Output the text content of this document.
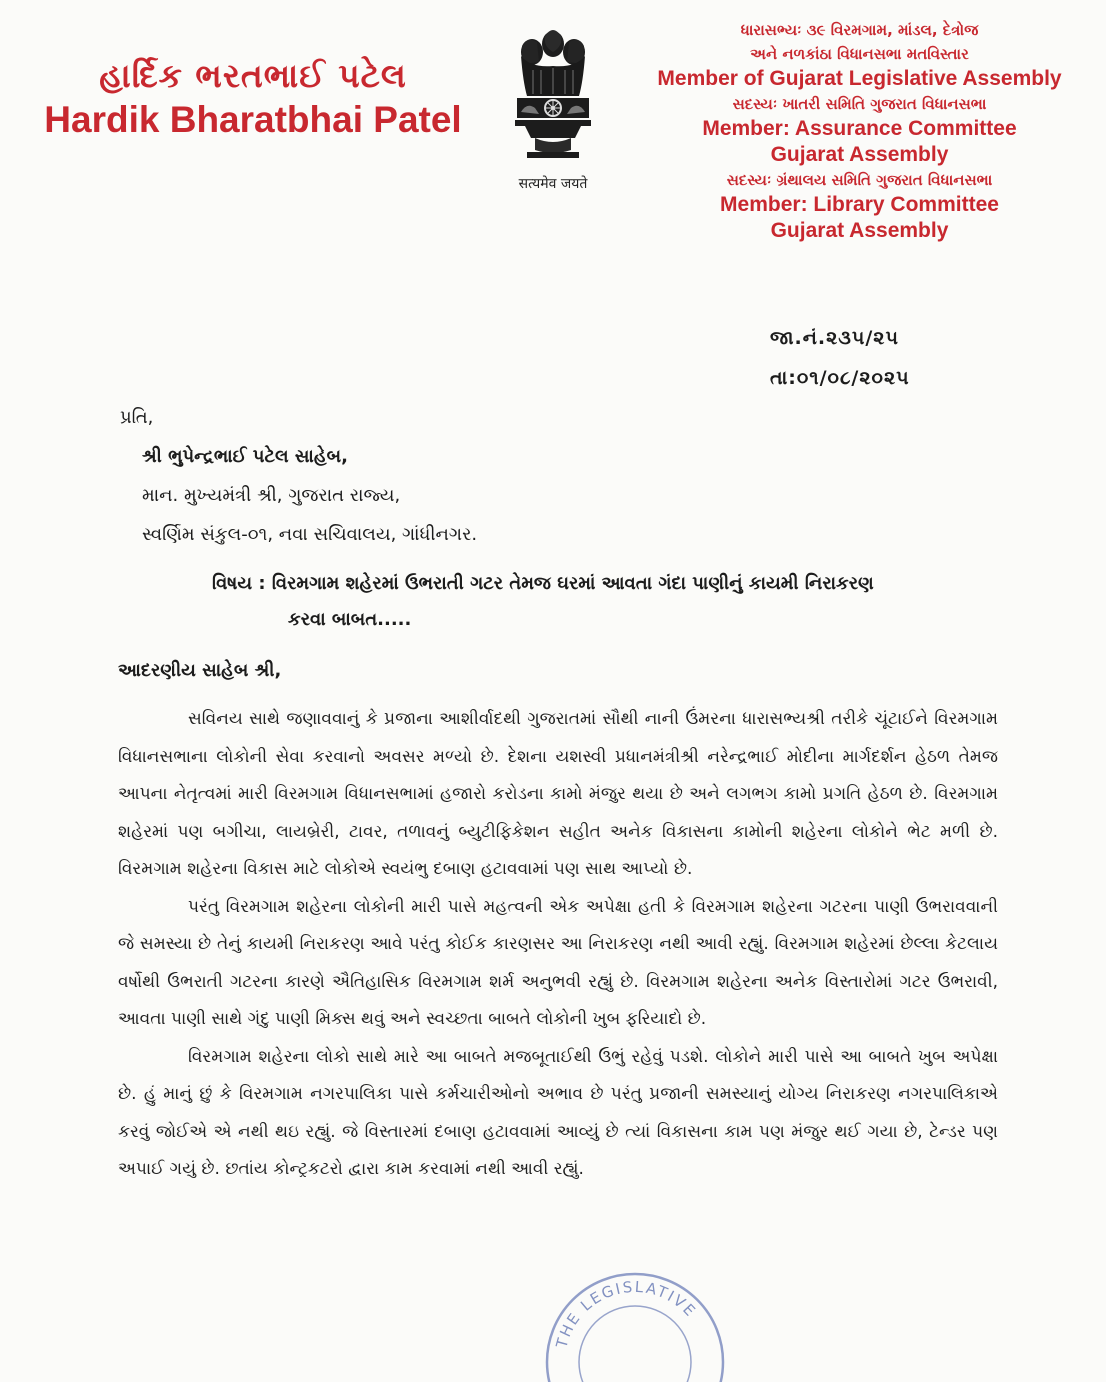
હાર્દિક ભરતભાઈ પટેલ
Hardik Bharatbhai Patel
सत्यमेव जयते
ધારાસભ્યઃ ૩૯ વિરમગામ, માંડલ, દેત્રોજ
અને નળકાંઠા વિધાનસભા મતવિસ્તાર
Member of Gujarat Legislative Assembly
સદસ્યઃ ખાતરી સમિતિ ગુજરાત વિધાનસભા
Member: Assurance Committee
Gujarat Assembly
સદસ્યઃ ગ્રંથાલય સમિતિ ગુજરાત વિધાનસભા
Member: Library Committee
Gujarat Assembly
જા.નં.૨૩૫/૨૫
તા:૦૧/૦૮/૨૦૨૫
પ્રતિ,
શ્રી ભુપેન્દ્રભાઈ પટેલ સાહેબ,
માન. મુખ્યમંત્રી શ્રી, ગુજરાત રાજ્ય,
સ્વર્ણિમ સંકુલ-૦૧, નવા સચિવાલય, ગાંધીનગર.
વિષય : વિરમગામ શહેરમાં ઉભરાતી ગટર તેમજ ઘરમાં આવતા ગંદા પાણીનું કાયમી નિરાકરણ
કરવા બાબત.....
આદરણીય સાહેબ શ્રી,

સવિનય સાથે જણાવવાનું કે પ્રજાના આશીર્વાદથી ગુજરાતમાં સૌથી નાની ઉંમરના ધારાસભ્યશ્રી તરીકે ચૂંટાઈને વિરમગામ વિધાનસભાના લોકોની સેવા કરવાનો અવસર મળ્યો છે. દેશના યશસ્વી પ્રધાનમંત્રીશ્રી નરેન્દ્રભાઈ મોદીના માર્ગદર્શન હેઠળ તેમજ આપના નેતૃત્વમાં મારી વિરમગામ વિધાનસભામાં હજારો કરોડના કામો મંજુર થયા છે અને લગભગ કામો પ્રગતિ હેઠળ છે. વિરમગામ શહેરમાં પણ બગીચા, લાયબ્રેરી, ટાવર, તળાવનું બ્યુટીફિકેશન સહીત અનેક વિકાસના કામોની શહેરના લોકોને ભેટ મળી છે. વિરમગામ શહેરના વિકાસ માટે લોકોએ સ્વયંભુ દબાણ હટાવવામાં પણ સાથ આપ્યો છે.

પરંતુ વિરમગામ શહેરના લોકોની મારી પાસે મહત્વની એક અપેક્ષા હતી કે વિરમગામ શહેરના ગટરના પાણી ઉભરાવવાની જે સમસ્યા છે તેનું કાયમી નિરાકરણ આવે પરંતુ કોઈક કારણસર આ નિરાકરણ નથી આવી રહ્યું. વિરમગામ શહેરમાં છેલ્લા કેટલાય વર્ષોથી ઉભરાતી ગટરના કારણે ઐતિહાસિક વિરમગામ શર્મ અનુભવી રહ્યું છે. વિરમગામ શહેરના અનેક વિસ્તારોમાં ગટર ઉભરાવી, આવતા પાણી સાથે ગંદુ પાણી મિક્સ થવું અને સ્વચ્છતા બાબતે લોકોની ખુબ ફરિયાદો છે.

વિરમગામ શહેરના લોકો સાથે મારે આ બાબતે મજબૂતાઈથી ઉભું રહેવું પડશે. લોકોને મારી પાસે આ બાબતે ખુબ અપેક્ષા છે. હું માનું છું કે વિરમગામ નગરપાલિકા પાસે કર્મચારીઓનો અભાવ છે પરંતુ પ્રજાની સમસ્યાનું યોગ્ય નિરાકરણ નગરપાલિકાએ કરવું જોઈએ એ નથી થઇ રહ્યું. જે વિસ્તારમાં દબાણ હટાવવામાં આવ્યું છે ત્યાં વિકાસના કામ પણ મંજુર થઈ ગયા છે, ટેન્ડર પણ અપાઈ ગયું છે. છતાંય કોન્ટ્રકટરો દ્વારા કામ કરવામાં નથી આવી રહ્યું.

THE LEGISLATIVE
